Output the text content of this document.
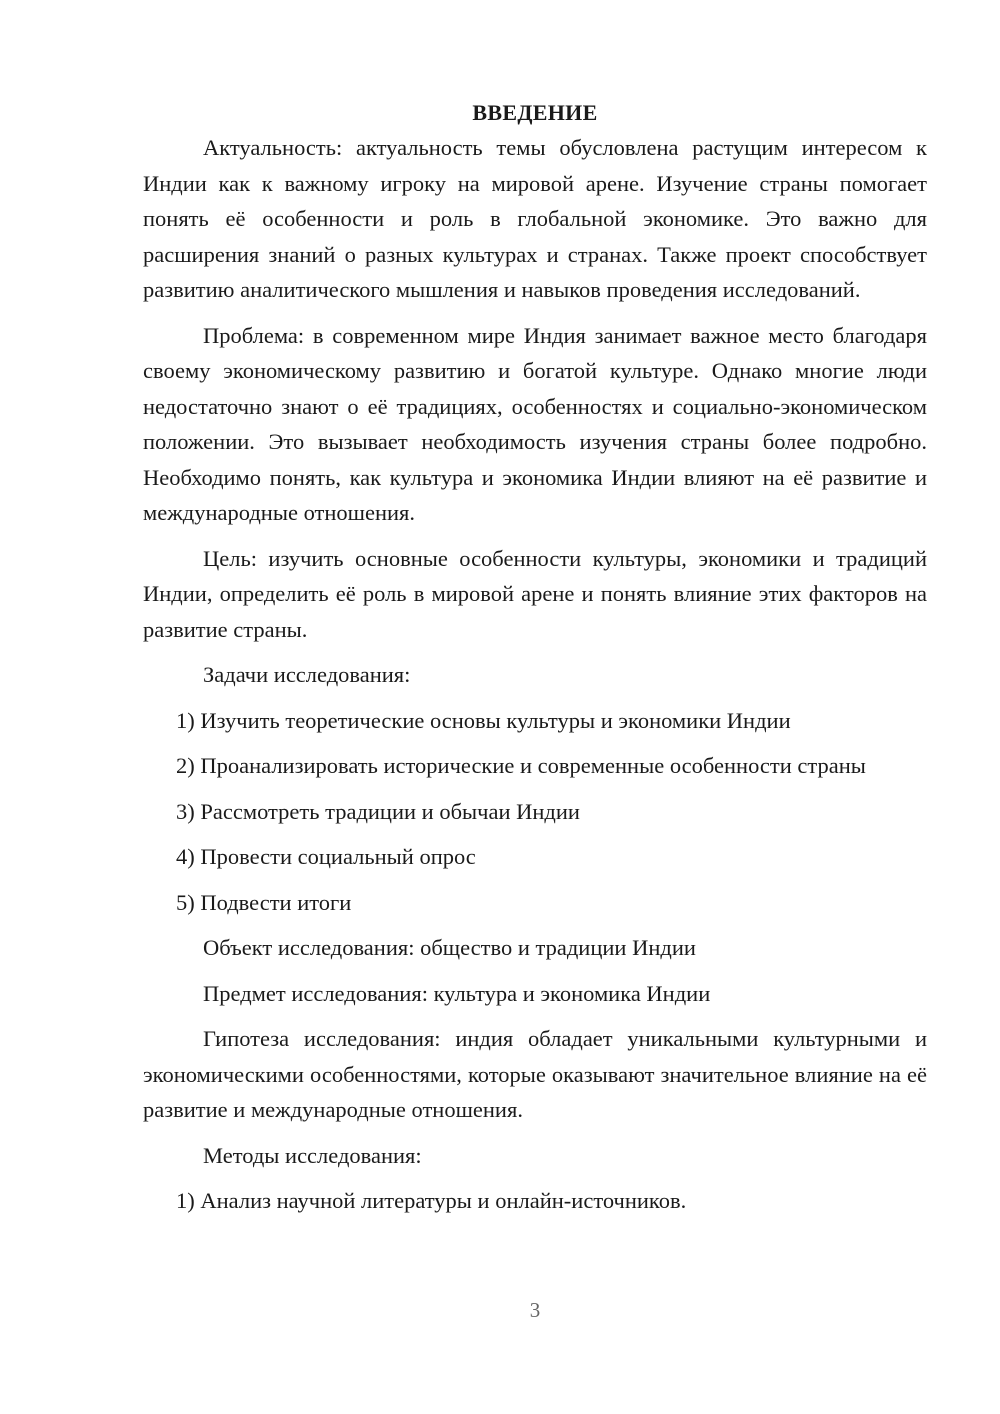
ВВЕДЕНИЕ

Актуальность: актуальность темы обусловлена растущим интересом к Индии как к важному игроку на мировой арене. Изучение страны помогает понять её особенности и роль в глобальной экономике. Это важно для расширения знаний о разных культурах и странах. Также проект способствует развитию аналитического мышления и навыков проведения исследований.

Проблема: в современном мире Индия занимает важное место благодаря своему экономическому развитию и богатой культуре. Однако многие люди недостаточно знают о её традициях, особенностях и социально-экономическом положении. Это вызывает необходимость изучения страны более подробно. Необходимо понять, как культура и экономика Индии влияют на её развитие и международные отношения.

Цель: изучить основные особенности культуры, экономики и традиций Индии, определить её роль в мировой арене и понять влияние этих факторов на развитие страны.

Задачи исследования:

1) Изучить теоретические основы культуры и экономики Индии

2) Проанализировать исторические и современные особенности страны

3) Рассмотреть традиции и обычаи Индии

4) Провести социальный опрос

5) Подвести итоги

Объект исследования: общество и традиции Индии

Предмет исследования: культура и экономика Индии

Гипотеза исследования: индия обладает уникальными культурными и экономическими особенностями, которые оказывают значительное влияние на её развитие и международные отношения.

Методы исследования:

1) Анализ научной литературы и онлайн-источников.

3
